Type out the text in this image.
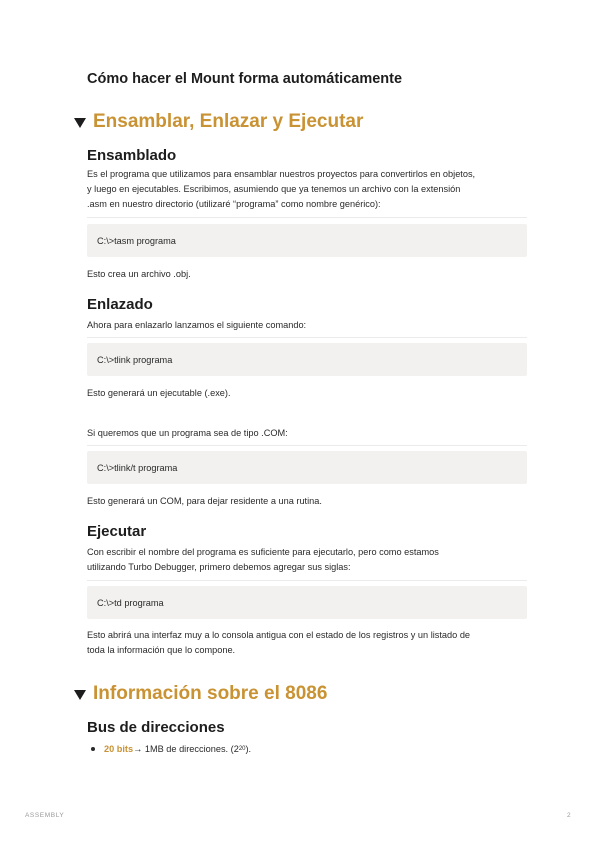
Cómo hacer el Mount forma automáticamente
Ensamblar, Enlazar y Ejecutar
Ensamblado
Es el programa que utilizamos para ensamblar nuestros proyectos para convertirlos en objetos,
y luego en ejecutables. Escribimos, asumiendo que ya tenemos un archivo con la extensión
.asm en nuestro directorio (utilizaré “programa” como nombre genérico):
C:\>tasm programa
Esto crea un archivo .obj.
Enlazado
Ahora para enlazarlo lanzamos el siguiente comando:
C:\>tlink programa
Esto generará un ejecutable (.exe).
Si queremos que un programa sea de tipo .COM:
C:\>tlink/t programa
Esto generará un COM, para dejar residente a una rutina.
Ejecutar
Con escribir el nombre del programa es suficiente para ejecutarlo, pero como estamos
utilizando Turbo Debugger, primero debemos agregar sus siglas:
C:\>td programa
Esto abrirá una interfaz muy a lo consola antigua con el estado de los registros y un listado de
toda la información que lo compone.
Información sobre el 8086
Bus de direcciones
20 bits → 1MB de direcciones. (2 20 ).
ASSEMBLY	2
